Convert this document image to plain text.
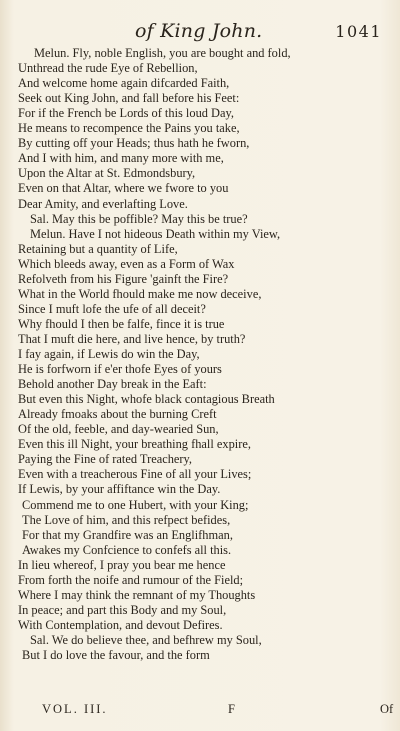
of King John.	1041
Melun. Fly, noble English, you are bought and fold,
Unthread the rude Eye of Rebellion,
And welcome home again difcarded Faith,
Seek out King John, and fall before his Feet:
For if the French be Lords of this loud Day,
He means to recompence the Pains you take,
By cutting off your Heads; thus hath he fworn,
And I with him, and many more with me,
Upon the Altar at St. Edmondsbury,
Even on that Altar, where we fwore to you
Dear Amity, and everlafting Love.
Sal. May this be poffible? May this be true?
Melun. Have I not hideous Death within my View,
Retaining but a quantity of Life,
Which bleeds away, even as a Form of Wax
Refolveth from his Figure 'gainft the Fire?
What in the World fhould make me now deceive,
Since I muft lofe the ufe of all deceit?
Why fhould I then be falfe, fince it is true
That I muft die here, and live hence, by truth?
I fay again, if Lewis do win the Day,
He is forfworn if e'er thofe Eyes of yours
Behold another Day break in the Eaft:
But even this Night, whofe black contagious Breath
Already fmoaks about the burning Creft
Of the old, feeble, and day-wearied Sun,
Even this ill Night, your breathing fhall expire,
Paying the Fine of rated Treachery,
Even with a treacherous Fine of all your Lives;
If Lewis, by your affiftance win the Day.
Commend me to one Hubert, with your King;
The Love of him, and this refpect befides,
For that my Grandfire was an Englifhman,
Awakes my Confcience to confefs all this.
In lieu whereof, I pray you bear me hence
From forth the noife and rumour of the Field;
Where I may think the remnant of my Thoughts
In peace; and part this Body and my Soul,
With Contemplation, and devout Defires.
Sal. We do believe thee, and befhrew my Soul,
But I do love the favour, and the form
VOL. III.	F	Of
